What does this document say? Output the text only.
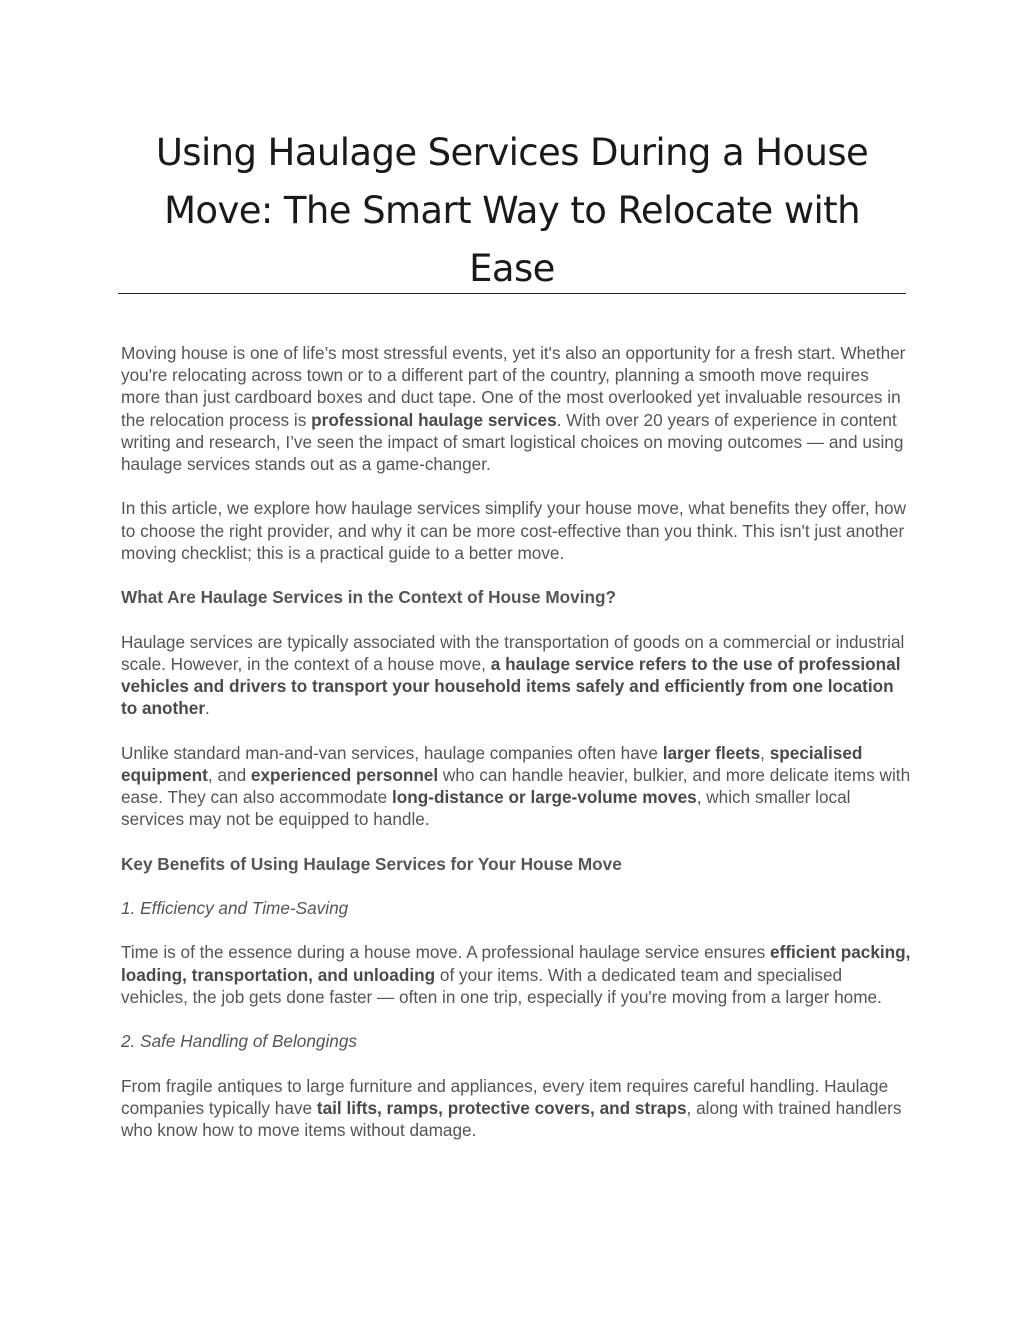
Using Haulage Services During a House Move: The Smart Way to Relocate with Ease

Moving house is one of life’s most stressful events, yet it's also an opportunity for a fresh start. Whether you're relocating across town or to a different part of the country, planning a smooth move requires more than just cardboard boxes and duct tape. One of the most overlooked yet invaluable resources in the relocation process is professional haulage services. With over 20 years of experience in content writing and research, I’ve seen the impact of smart logistical choices on moving outcomes — and using haulage services stands out as a game-changer.

In this article, we explore how haulage services simplify your house move, what benefits they offer, how to choose the right provider, and why it can be more cost-effective than you think. This isn't just another moving checklist; this is a practical guide to a better move.

What Are Haulage Services in the Context of House Moving?

Haulage services are typically associated with the transportation of goods on a commercial or industrial scale. However, in the context of a house move, a haulage service refers to the use of professional vehicles and drivers to transport your household items safely and efficiently from one location to another.

Unlike standard man-and-van services, haulage companies often have larger fleets, specialised equipment, and experienced personnel who can handle heavier, bulkier, and more delicate items with ease. They can also accommodate long-distance or large-volume moves, which smaller local services may not be equipped to handle.

Key Benefits of Using Haulage Services for Your House Move

1. Efficiency and Time-Saving

Time is of the essence during a house move. A professional haulage service ensures efficient packing, loading, transportation, and unloading of your items. With a dedicated team and specialised vehicles, the job gets done faster — often in one trip, especially if you're moving from a larger home.

2. Safe Handling of Belongings

From fragile antiques to large furniture and appliances, every item requires careful handling. Haulage companies typically have tail lifts, ramps, protective covers, and straps, along with trained handlers who know how to move items without damage.
